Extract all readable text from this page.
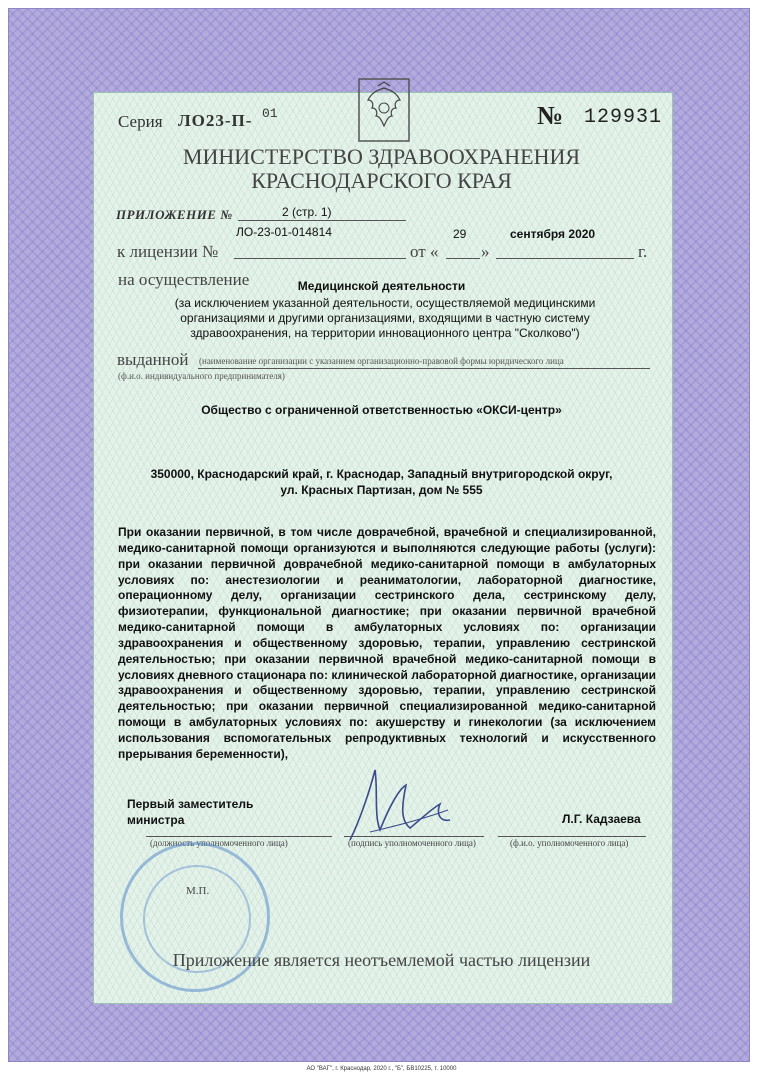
Серия ЛО23-П- 01	№ 129931
МИНИСТЕРСТВО ЗДРАВООХРАНЕНИЯ
КРАСНОДАРСКОГО КРАЯ
ПРИЛОЖЕНИЕ №	2 (стр. 1)
ЛО-23-01-014814	29	сентября 2020
к лицензии №	от «	»	г.
на осуществление	Медицинской деятельности
(за исключением указанной деятельности, осуществляемой медицинскими организациями и другими организациями, входящими в частную систему здравоохранения, на территории инновационного центра "Сколково")
выданной (наименование организации с указанием организационно-правовой формы юридического лица
(ф.и.о. индивидуального предпринимателя)
Общество с ограниченной ответственностью «ОКСИ-центр»
350000, Краснодарский край, г. Краснодар, Западный внутригородской округ,
ул. Красных Партизан, дом № 555
При оказании первичной, в том числе доврачебной, врачебной и специализированной, медико-санитарной помощи организуются и выполняются следующие работы (услуги): при оказании первичной доврачебной медико-санитарной помощи в амбулаторных условиях по: анестезиологии и реаниматологии, лабораторной диагностике, операционному делу, организации сестринского дела, сестринскому делу, физиотерапии, функциональной диагностике; при оказании первичной врачебной медико-санитарной помощи в амбулаторных условиях по: организации здравоохранения и общественному здоровью, терапии, управлению сестринской деятельностью; при оказании первичной врачебной медико-санитарной помощи в условиях дневного стационара по: клинической лабораторной диагностике, организации здравоохранения и общественному здоровью, терапии, управлению сестринской деятельностью; при оказании первичной специализированной медико-санитарной помощи в амбулаторных условиях по: акушерству и гинекологии (за исключением использования вспомогательных репродуктивных технологий и искусственного прерывания беременности),
Первый заместитель
министра	Л.Г. Кадзаева
(должность уполномоченного лица)	(подпись уполномоченного лица)	(ф.и.о. уполномоченного лица)
М.П.
Приложение является неотъемлемой частью лицензии
АО "ВАГ", г. Краснодар, 2020 г., "Б", БВ10225, т. 10000
